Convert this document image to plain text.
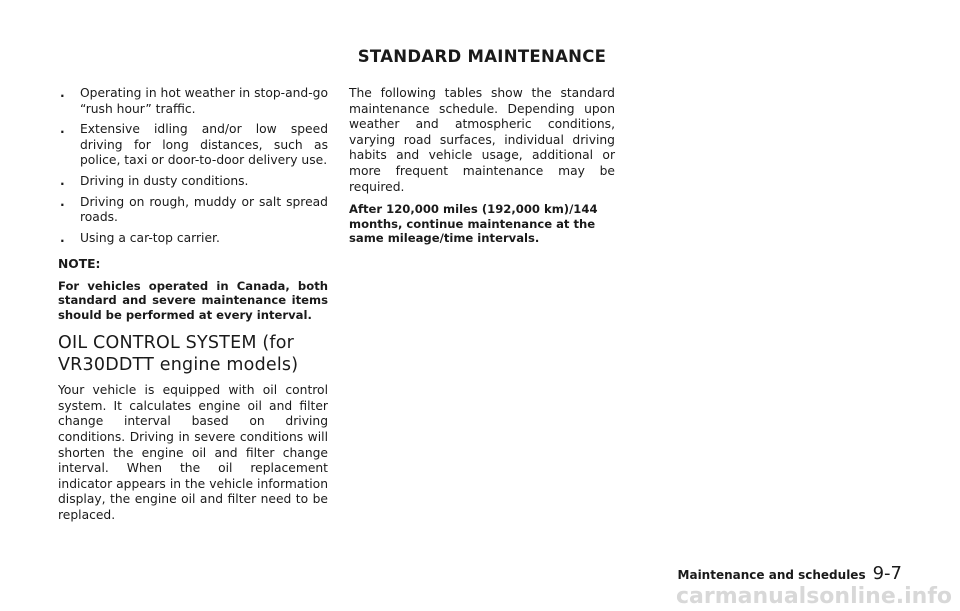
STANDARD MAINTENANCE
. Operating in hot weather in stop-and-go “rush hour” traffic.
. Extensive idling and/or low speed driving for long distances, such as police, taxi or door-to-door delivery use.
. Driving in dusty conditions.
. Driving on rough, muddy or salt spread roads.
. Using a car-top carrier.
NOTE:

For vehicles operated in Canada, both standard and severe maintenance items should be performed at every interval.

OIL CONTROL SYSTEM (for VR30DDTT engine models)

Your vehicle is equipped with oil control system. It calculates engine oil and filter change interval based on driving conditions. Driving in severe conditions will shorten the engine oil and filter change interval. When the oil replacement indicator appears in the vehicle information display, the engine oil and filter need to be replaced.

The following tables show the standard maintenance schedule. Depending upon weather and atmospheric conditions, varying road surfaces, individual driving habits and vehicle usage, additional or more frequent maintenance may be required.

After 120,000 miles (192,000 km)/144 months, continue maintenance at the same mileage/time intervals.

Maintenance and schedules 9-7
carmanualsonline.info
